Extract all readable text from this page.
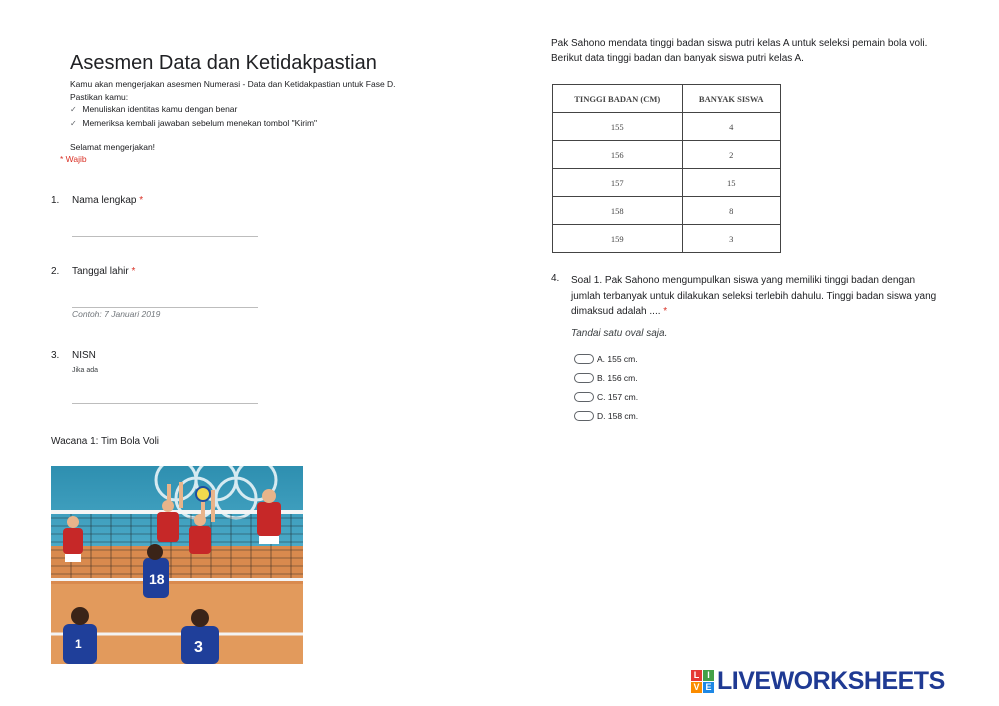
Asesmen Data dan Ketidakpastian
Kamu akan mengerjakan asesmen Numerasi - Data dan Ketidakpastian untuk Fase D.
Pastikan kamu:
✓ Menuliskan identitas kamu dengan benar
✓ Memeriksa kembali jawaban sebelum menekan tombol "Kirim"
Selamat mengerjakan!
* Wajib
1. Nama lengkap *
2. Tanggal lahir *
Contoh: 7 Januari 2019
3. NISN
Jika ada
Wacana 1: Tim Bola Voli
18
3
1
Pak Sahono mendata tinggi badan siswa putri kelas A untuk seleksi pemain bola voli.
Berikut data tinggi badan dan banyak siswa putri kelas A.
TINGGI BADAN (CM)	BANYAK SISWA
155	4
156	2
157	15
158	8
159	3
4. Soal 1. Pak Sahono mengumpulkan siswa yang memiliki tinggi badan dengan
jumlah terbanyak untuk dilakukan seleksi terlebih dahulu. Tinggi badan siswa yang
dimaksud adalah .... *
Tandai satu oval saja.
A. 155 cm.
B. 156 cm.
C. 157 cm.
D. 158 cm.
L I
V E LIVEWORKSHEETS
